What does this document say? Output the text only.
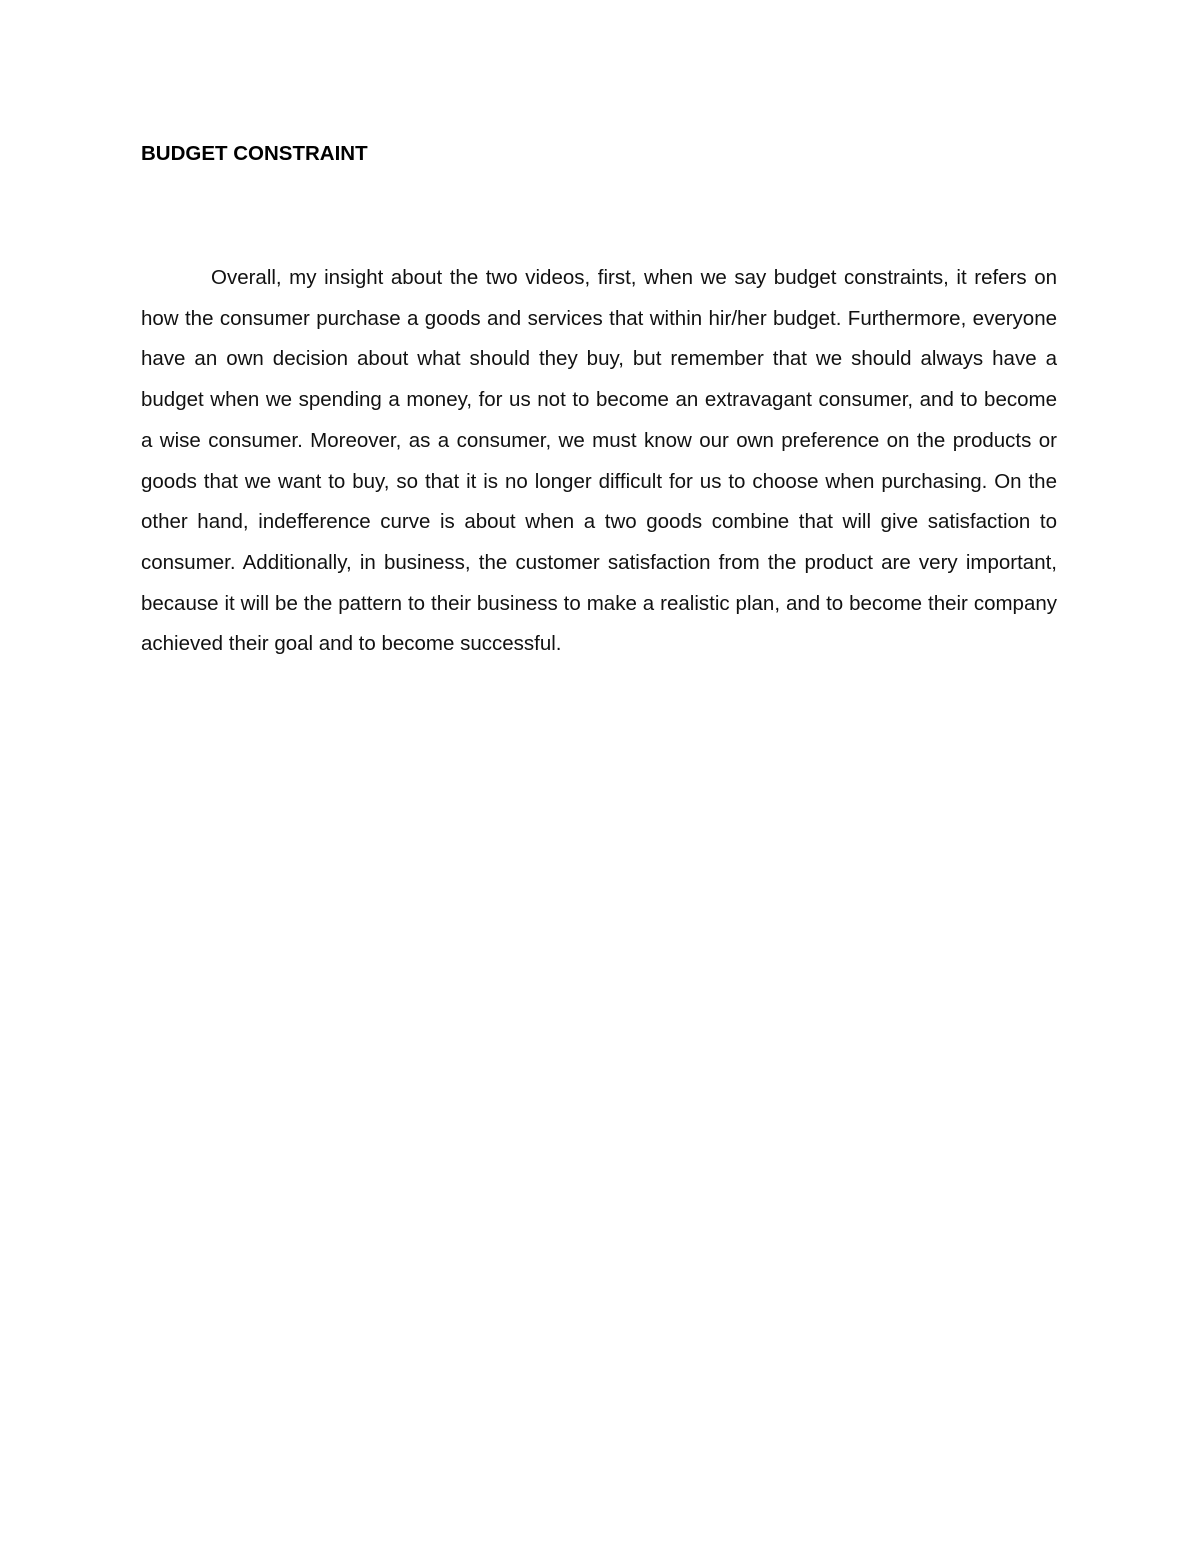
BUDGET CONSTRAINT

Overall, my insight about the two videos, first, when we say budget constraints, it refers on how the consumer purchase a goods and services that within hir/her budget. Furthermore, everyone have an own decision about what should they buy, but remember that we should always have a budget when we spending a money, for us not to become an extravagant consumer, and to become a wise consumer. Moreover, as a consumer, we must know our own preference on the products or goods that we want to buy, so that it is no longer difficult for us to choose when purchasing. On the other hand, indefference curve is about when a two goods combine that will give satisfaction to consumer. Additionally, in business, the customer satisfaction from the product are very important, because it will be the pattern to their business to make a realistic plan, and to become their company achieved their goal and to become successful.
